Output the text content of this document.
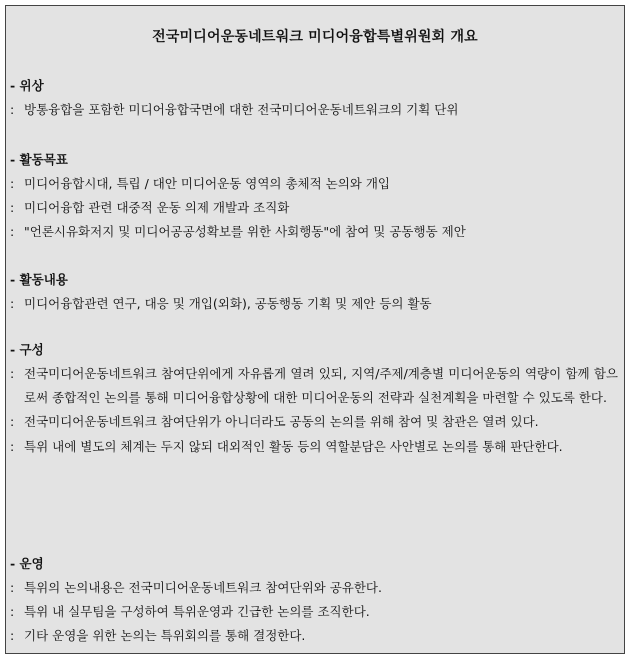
전국미디어운동네트워크 미디어융합특별위원회 개요
- 위상
: 방통융합을 포함한 미디어융합국면에 대한 전국미디어운동네트워크의 기획 단위
- 활동목표
: 미디어융합시대, 특립 / 대안 미디어운동 영역의 총체적 논의와 개입
: 미디어융합 관련 대중적 운동 의제 개발과 조직화
: "언론시유화저지 및 미디어공공성확보를 위한 사회행동"에 참여 및 공동행동 제안
- 활동내용
: 미디어융합관련 연구, 대응 및 개입(외화), 공동행동 기획 및 제안 등의 활동
- 구성
: 전국미디어운동네트워크 참여단위에게 자유롭게 열려 있되, 지역/주제/계층별 미디어운동의 역량이 함께 함으로써 종합적인 논의를 통해 미디어융합상황에 대한 미디어운동의 전략과 실천계획을 마련할 수 있도록 한다.
: 전국미디어운동네트워크 참여단위가 아니더라도 공동의 논의를 위해 참여 및 참관은 열려 있다.
: 특위 내에 별도의 체계는 두지 않되 대외적인 활동 등의 역할분담은 사안별로 논의를 통해 판단한다.
- 운영
: 특위의 논의내용은 전국미디어운동네트워크 참여단위와 공유한다.
: 특위 내 실무팀을 구성하여 특위운영과 긴급한 논의를 조직한다.
: 기타 운영을 위한 논의는 특위회의를 통해 결정한다.
